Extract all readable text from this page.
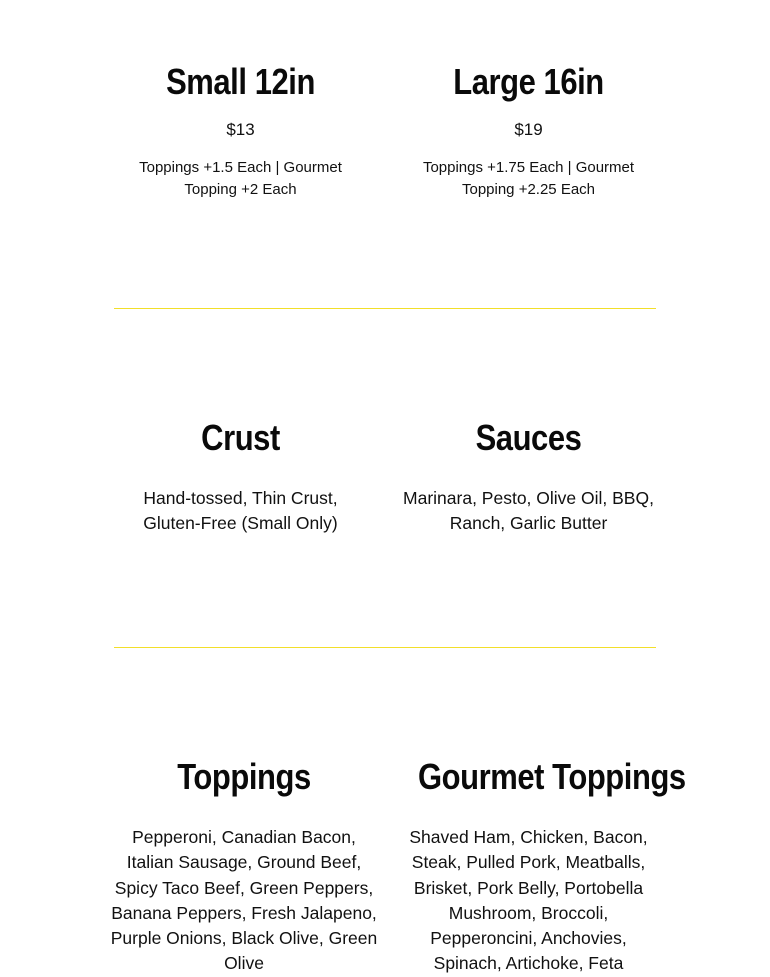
Small 12in
$13
Toppings +1.5 Each | Gourmet Topping +2 Each
Large 16in
$19
Toppings +1.75 Each | Gourmet Topping +2.25 Each
Crust
Hand-tossed, Thin Crust, Gluten-Free (Small Only)
Sauces
Marinara, Pesto, Olive Oil, BBQ, Ranch, Garlic Butter
Toppings
Pepperoni, Canadian Bacon, Italian Sausage, Ground Beef, Spicy Taco Beef, Green Peppers, Banana Peppers, Fresh Jalapeno, Purple Onions, Black Olive, Green Olive
Gourmet Toppings
Shaved Ham, Chicken, Bacon, Steak, Pulled Pork, Meatballs, Brisket, Pork Belly, Portobella Mushroom, Broccoli, Pepperoncini, Anchovies, Spinach, Artichoke, Feta
